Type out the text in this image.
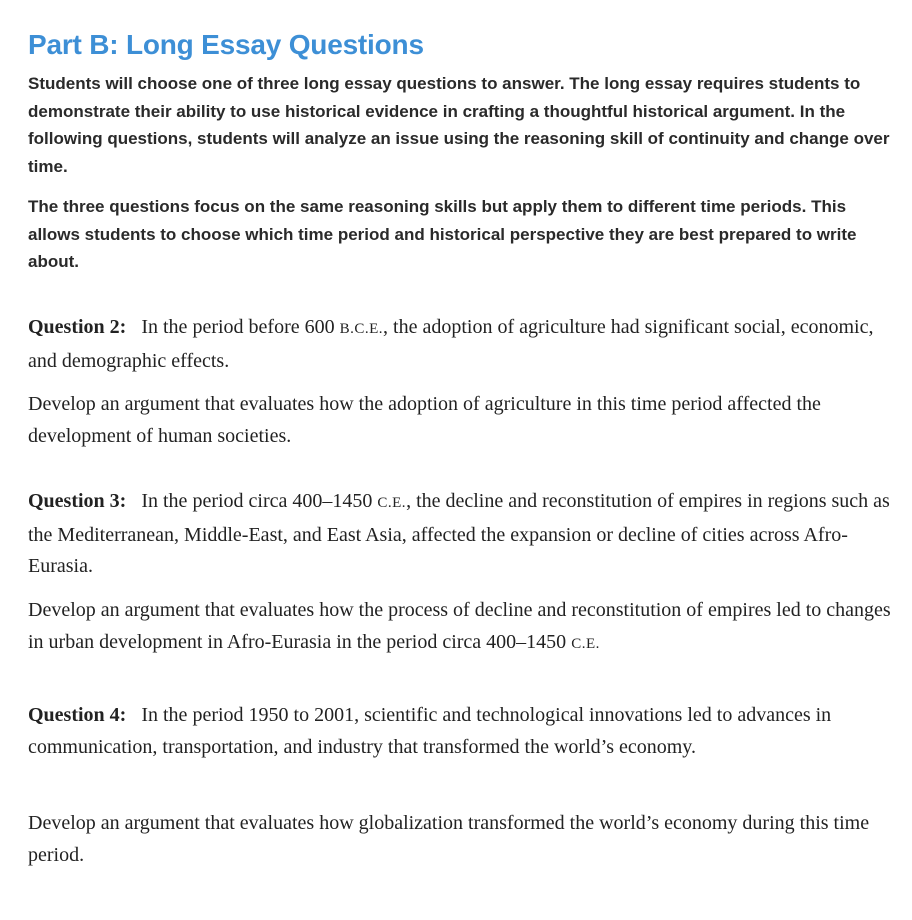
Part B: Long Essay Questions

Students will choose one of three long essay questions to answer. The long essay requires students to demonstrate their ability to use historical evidence in crafting a thoughtful historical argument. In the following questions, students will analyze an issue using the reasoning skill of continuity and change over time.

The three questions focus on the same reasoning skills but apply them to different time periods. This allows students to choose which time period and historical perspective they are best prepared to write about.

Question 2: In the period before 600 B.C.E., the adoption of agriculture had significant social, economic, and demographic effects.

Develop an argument that evaluates how the adoption of agriculture in this time period affected the development of human societies.

Question 3: In the period circa 400–1450 C.E., the decline and reconstitution of empires in regions such as the Mediterranean, Middle-East, and East Asia, affected the expansion or decline of cities across Afro-Eurasia.

Develop an argument that evaluates how the process of decline and reconstitution of empires led to changes in urban development in Afro-Eurasia in the period circa 400–1450 C.E.

Question 4: In the period 1950 to 2001, scientific and technological innovations led to advances in communication, transportation, and industry that transformed the world’s economy.

Develop an argument that evaluates how globalization transformed the world’s economy during this time period.
